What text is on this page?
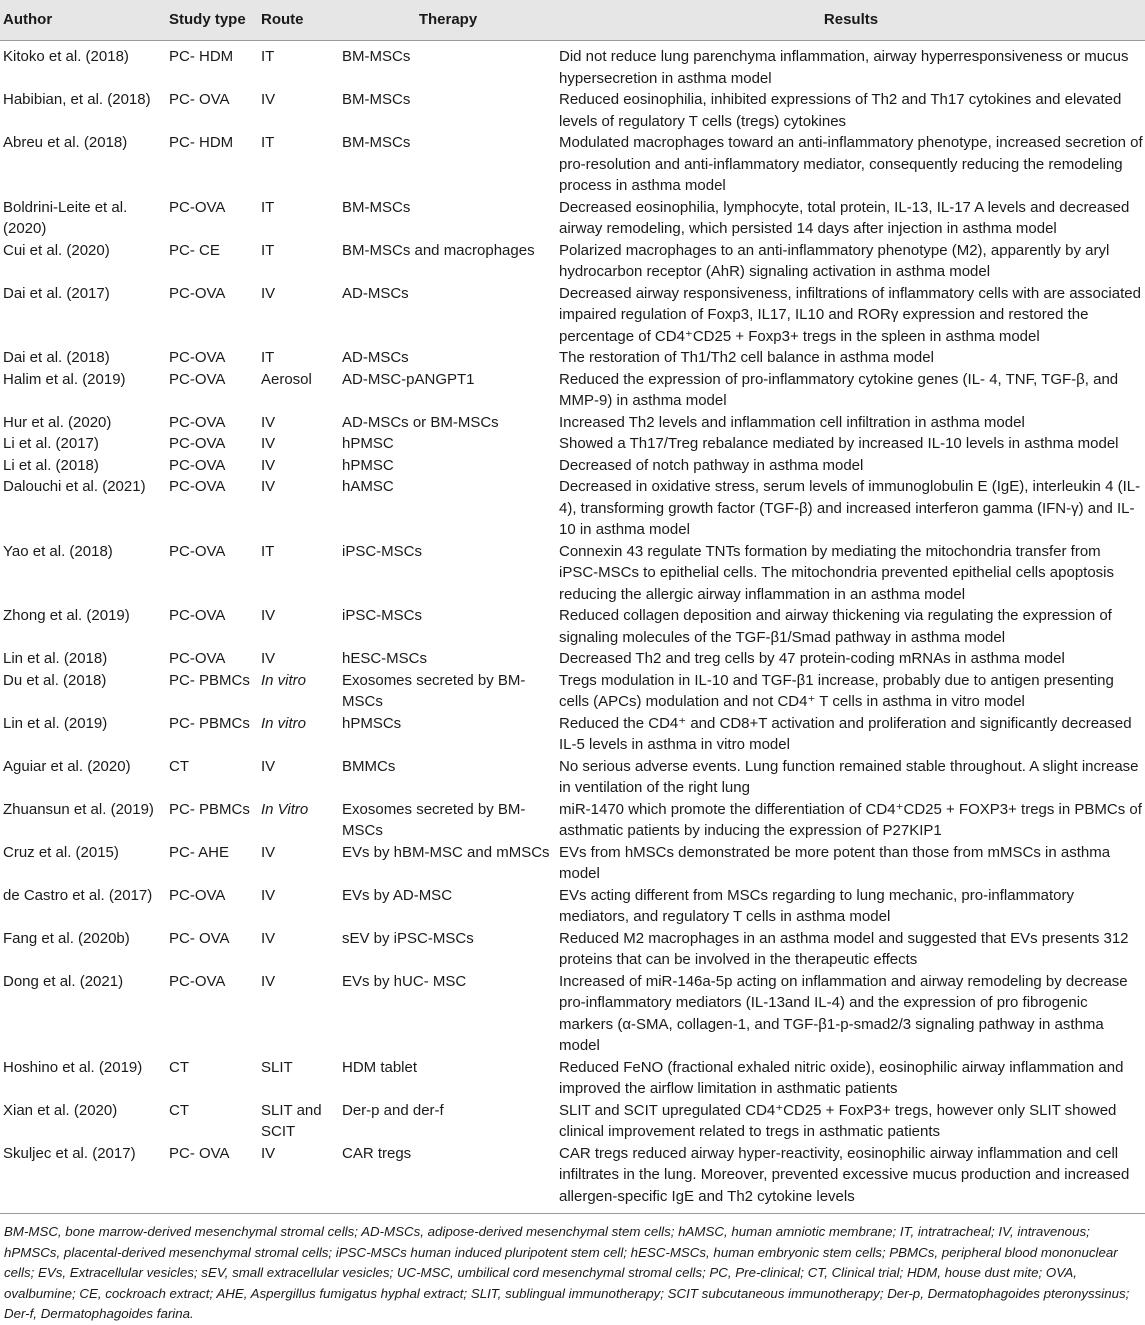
Author	Study type	Route	Therapy	Results
Kitoko et al. (2018)	PC- HDM	IT	BM-MSCs	Did not reduce lung parenchyma inflammation, airway hyperresponsiveness or mucus hypersecretion in asthma model
Habibian, et al. (2018)	PC- OVA	IV	BM-MSCs	Reduced eosinophilia, inhibited expressions of Th2 and Th17 cytokines and elevated levels of regulatory T cells (tregs) cytokines
Abreu et al. (2018)	PC- HDM	IT	BM-MSCs	Modulated macrophages toward an anti-inflammatory phenotype, increased secretion of pro-resolution and anti-inflammatory mediator, consequently reducing the remodeling process in asthma model
Boldrini-Leite et al. (2020)	PC-OVA	IT	BM-MSCs	Decreased eosinophilia, lymphocyte, total protein, IL-13, IL-17 A levels and decreased airway remodeling, which persisted 14 days after injection in asthma model
Cui et al. (2020)	PC- CE	IT	BM-MSCs and macrophages	Polarized macrophages to an anti-inflammatory phenotype (M2), apparently by aryl hydrocarbon receptor (AhR) signaling activation in asthma model
Dai et al. (2017)	PC-OVA	IV	AD-MSCs	Decreased airway responsiveness, infiltrations of inflammatory cells with are associated impaired regulation of Foxp3, IL17, IL10 and RORγ expression and restored the percentage of CD4⁺CD25 + Foxp3+ tregs in the spleen in asthma model
Dai et al. (2018)	PC-OVA	IT	AD-MSCs	The restoration of Th1/Th2 cell balance in asthma model
Halim et al. (2019)	PC-OVA	Aerosol	AD-MSC-pANGPT1	Reduced the expression of pro-inflammatory cytokine genes (IL- 4, TNF, TGF-β, and MMP-9) in asthma model
Hur et al. (2020)	PC-OVA	IV	AD-MSCs or BM-MSCs	Increased Th2 levels and inflammation cell infiltration in asthma model
Li et al. (2017)	PC-OVA	IV	hPMSC	Showed a Th17/Treg rebalance mediated by increased IL-10 levels in asthma model
Li et al. (2018)	PC-OVA	IV	hPMSC	Decreased of notch pathway in asthma model
Dalouchi et al. (2021)	PC-OVA	IV	hAMSC	Decreased in oxidative stress, serum levels of immunoglobulin E (IgE), interleukin 4 (IL-4), transforming growth factor (TGF-β) and increased interferon gamma (IFN-γ) and IL-10 in asthma model
Yao et al. (2018)	PC-OVA	IT	iPSC-MSCs	Connexin 43 regulate TNTs formation by mediating the mitochondria transfer from iPSC-MSCs to epithelial cells. The mitochondria prevented epithelial cells apoptosis reducing the allergic airway inflammation in an asthma model
Zhong et al. (2019)	PC-OVA	IV	iPSC-MSCs	Reduced collagen deposition and airway thickening via regulating the expression of signaling molecules of the TGF-β1/Smad pathway in asthma model
Lin et al. (2018)	PC-OVA	IV	hESC-MSCs	Decreased Th2 and treg cells by 47 protein-coding mRNAs in asthma model
Du et al. (2018)	PC- PBMCs	In vitro	Exosomes secreted by BM-MSCs	Tregs modulation in IL-10 and TGF-β1 increase, probably due to antigen presenting cells (APCs) modulation and not CD4⁺ T cells in asthma in vitro model
Lin et al. (2019)	PC- PBMCs	In vitro	hPMSCs	Reduced the CD4⁺ and CD8+T activation and proliferation and significantly decreased IL-5 levels in asthma in vitro model
Aguiar et al. (2020)	CT	IV	BMMCs	No serious adverse events. Lung function remained stable throughout. A slight increase in ventilation of the right lung
Zhuansun et al. (2019)	PC- PBMCs	In Vitro	Exosomes secreted by BM-MSCs	miR-1470 which promote the differentiation of CD4⁺CD25 + FOXP3+ tregs in PBMCs of asthmatic patients by inducing the expression of P27KIP1
Cruz et al. (2015)	PC- AHE	IV	EVs by hBM-MSC and mMSCs	EVs from hMSCs demonstrated be more potent than those from mMSCs in asthma model
de Castro et al. (2017)	PC-OVA	IV	EVs by AD-MSC	EVs acting different from MSCs regarding to lung mechanic, pro-inflammatory mediators, and regulatory T cells in asthma model
Fang et al. (2020b)	PC- OVA	IV	sEV by iPSC-MSCs	Reduced M2 macrophages in an asthma model and suggested that EVs presents 312 proteins that can be involved in the therapeutic effects
Dong et al. (2021)	PC-OVA	IV	EVs by hUC- MSC	Increased of miR-146a-5p acting on inflammation and airway remodeling by decrease pro-inflammatory mediators (IL-13and IL-4) and the expression of pro fibrogenic markers (α-SMA, collagen-1, and TGF-β1-p-smad2/3 signaling pathway in asthma model
Hoshino et al. (2019)	CT	SLIT	HDM tablet	Reduced FeNO (fractional exhaled nitric oxide), eosinophilic airway inflammation and improved the airflow limitation in asthmatic patients
Xian et al. (2020)	CT	SLIT and SCIT	Der-p and der-f	SLIT and SCIT upregulated CD4⁺CD25 + FoxP3+ tregs, however only SLIT showed clinical improvement related to tregs in asthmatic patients
Skuljec et al. (2017)	PC- OVA	IV	CAR tregs	CAR tregs reduced airway hyper-reactivity, eosinophilic airway inflammation and cell infiltrates in the lung. Moreover, prevented excessive mucus production and increased allergen-specific IgE and Th2 cytokine levels
BM-MSC, bone marrow-derived mesenchymal stromal cells; AD-MSCs, adipose-derived mesenchymal stem cells; hAMSC, human amniotic membrane; IT, intratracheal; IV, intravenous; hPMSCs, placental-derived mesenchymal stromal cells; iPSC-MSCs human induced pluripotent stem cell; hESC-MSCs, human embryonic stem cells; PBMCs, peripheral blood mononuclear cells; EVs, Extracellular vesicles; sEV, small extracellular vesicles; UC-MSC, umbilical cord mesenchymal stromal cells; PC, Pre-clinical; CT, Clinical trial; HDM, house dust mite; OVA, ovalbumine; CE, cockroach extract; AHE, Aspergillus fumigatus hyphal extract; SLIT, sublingual immunotherapy; SCIT subcutaneous immunotherapy; Der-p, Dermatophagoides pteronyssinus; Der-f, Dermatophagoides farina.
